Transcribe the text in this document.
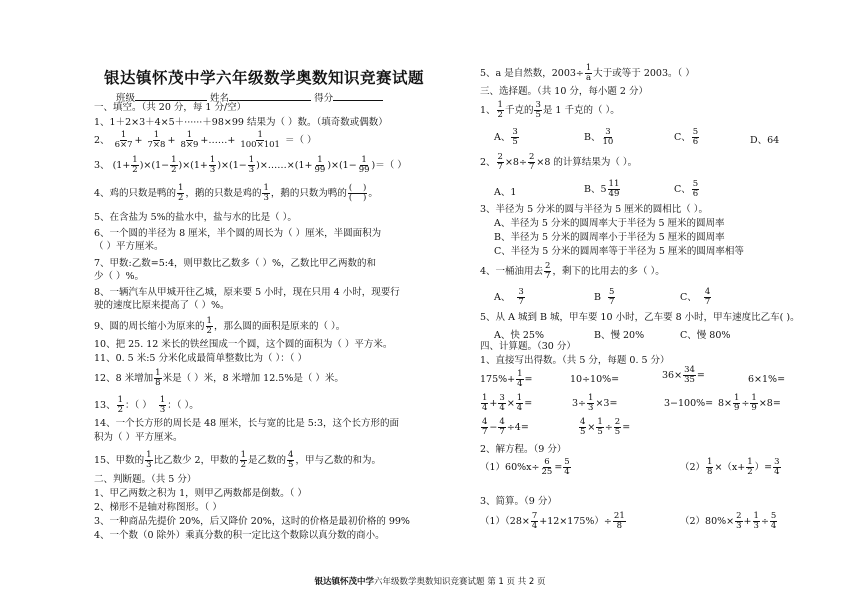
银达镇怀茂中学六年级数学奥数知识竞赛试题
班级	姓名	得分
一、填空。（共 20 分，每 1 分/空）
1、1＋2×3＋4×5＋······＋98×99 结果为（ ）数。（填奇数或偶数）
2、 $\frac{1}{6\times 7} + \frac{1}{7\times 8} + \frac{1}{8\times 9}$ +……+ $\frac{1}{100\times 101}$ ＝（ ）
3、 $(1+ \frac{1}{2} )\times(1- \frac{1}{2} )\times(1+ \frac{1}{3} )\times(1- \frac{1}{3}$ )×……×(1+ $\frac{1}{99} )\times(1- \frac{1}{99}$ )＝（ ）
4、鸡的只数是鸭的 $\frac{1}{2}$ ，鹅的只数是鸡的 $\frac{1}{3}$ ，鹅的只数为鸭的 $\frac{( )}{( )}$ 。
5、在含盐为 5%的盐水中，盐与水的比是（ ）。
6、一个圆的半径为 8 厘米，半个圆的周长为（ ）厘米，半圆面积为
（ ）平方厘米。
7、甲数:乙数=5:4，则甲数比乙数多（ ）%，乙数比甲乙两数的和
少（ ）%。
8、一辆汽车从甲城开往乙城，原来要 5 小时，现在只用 4 小时，现要行
驶的速度比原来提高了（ ）%。
9、圆的周长缩小为原来的 $\frac{1}{2}$ ，那么圆的面积是原来的（ ）。
10、把 25. 12 米长的铁丝围成一个圆，这个圆的面积为（ ）平方米。
11、0. 5 米:5 分米化成最简单整数比为（ ）：（ ）
12、8 米增加 $\frac{1}{8}$ 米是（ ）米，8 米增加 12.5%是（ ）米。
13、 $\frac{1}{2}$ ：（ ） $\frac{1}{3}$ ：（ ）。
14、一个长方形的周长是 48 厘米，长与宽的比是 5:3，这个长方形的面
积为（ ）平方厘米。
15、甲数的 $\frac{1}{3}$ 比乙数少 2，甲数的 $\frac{1}{2}$ 是乙数的 $\frac{4}{5}$ ，甲与乙数的和为。
二、判断题。（共 5 分）
1、甲乙两数之积为 1，则甲乙两数都是倒数。（ ）
2、梯形不是轴对称图形。（ ）
3、一种商品先提价 20%，后又降价 20%，这时的价格是最初价格的 99%
4、一个数（0 除外）乘真分数的积一定比这个数除以真分数的商小。
5、a 是自然数，$2003\div \frac{1}{a}$ 大于或等于 2003。（ ）
三、选择题。（共 10 分，每小题 2 分）
1、 $\frac{1}{2}$ 千克的 $\frac{3}{5}$ 是 1 千克的（ ）。
A、 $\frac{3}{5}$	B、 $\frac{3}{10}$	C、 $\frac{5}{6}$	D、64
2、 $\frac{2}{7} \times 8\div \frac{2}{7} \times 8$ 的计算结果为（ ）。
A、1	B、$5 \frac{11}{49}$	C、 $\frac{5}{6}$
3、半径为 5 分米的圆与半径为 5 厘米的圆相比（ ）。
A、半径为 5 分米的圆周率大于半径为 5 厘米的圆周率
B、半径为 5 分米的圆周率小于半径为 5 厘米的圆周率
C、半径为 5 分米的圆周率等于半径为 5 厘米的圆周率相等
4、一桶油用去 $\frac{2}{7}$ ，剩下的比用去的多（ ）。
A、 $\frac{3}{7}$	B $\frac{5}{7}$	C、 $\frac{4}{7}$
5、从 A 城到 B 城，甲车要 10 小时，乙车要 8 小时，甲车速度比乙车( )。
A、快 25%	B、慢 20%	C、慢 80%
四、计算题。（30 分）
1、直接写出得数。（共 5 分，每题 0. 5 分）
$175\%+ \frac{1}{4}$ =	10÷10%=	$36\times \frac{34}{35}$ =	6×1%=
$\frac{1}{4} + \frac{3}{4} \times \frac{1}{4}$ =	$3\div \frac{1}{3} \times 3=$	$3-100\%= 8\times \frac{1}{9} \div \frac{1}{9} \times 8=$
$\frac{4}{7} - \frac{4}{7} \div 4=$	$\frac{4}{5} \times \frac{1}{5} \div \frac{2}{5}$ =
2、解方程。（9 分）
$(1)60\%x\div \frac{6}{25} = \frac{5}{4}$	$(2) \frac{1}{8} \times(x+ \frac{1}{2}$ ）= $\frac{3}{4}$
3、简算。（9 分）
$(1)(28\times \frac{7}{4} +12\times 175\%)\div \frac{21}{8}$	$(2)80\%\times \frac{2}{3} + \frac{1}{3} \div \frac{5}{4}$
银达镇怀茂中学六年级数学奥数知识竞赛试题 第 1 页 共 2 页
